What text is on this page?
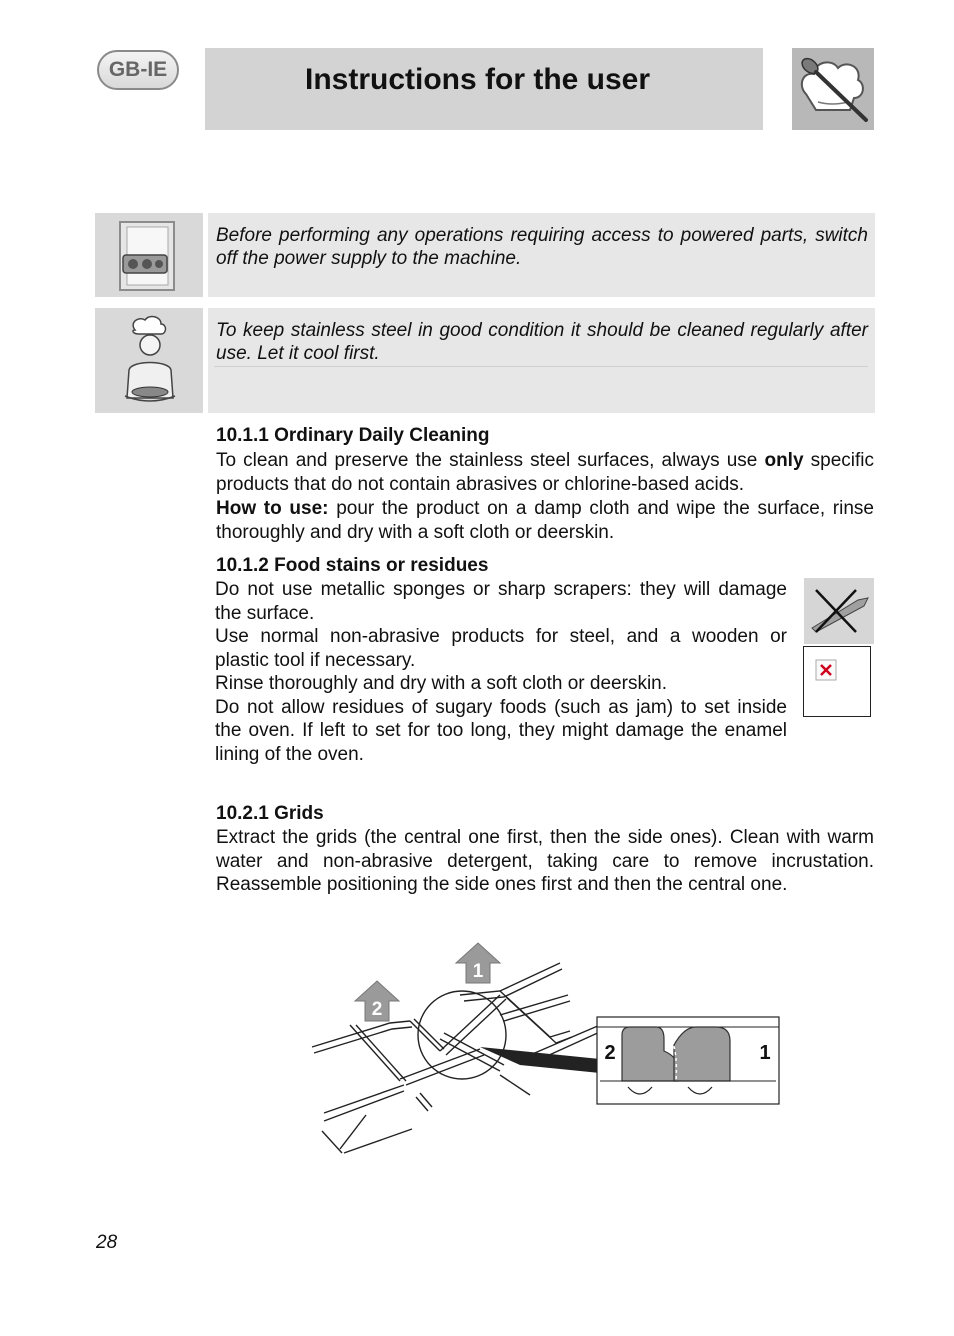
GB-IE	Instructions for the user
Before performing any operations requiring access to powered parts, switch off the power supply to the machine.
To keep stainless steel in good condition it should be cleaned regularly after use. Let it cool first.
10.1.1 Ordinary Daily Cleaning

To clean and preserve the stainless steel surfaces, always use only specific products that do not contain abrasives or chlorine-based acids.

How to use: pour the product on a damp cloth and wipe the surface, rinse thoroughly and dry with a soft cloth or deerskin.

10.1.2 Food stains or residues

Do not use metallic sponges or sharp scrapers: they will damage the surface.

Use normal non-abrasive products for steel, and a wooden or plastic tool if necessary.

Rinse thoroughly and dry with a soft cloth or deerskin.

Do not allow residues of sugary foods (such as jam) to set inside the oven. If left to set for too long, they might damage the enamel lining of the oven.

10.2.1 Grids
Extract the grids (the central one first, then the side ones). Clean with warm water and non-abrasive detergent, taking care to remove incrustation. Reassemble positioning the side ones first and then the central one.
1
2
2	1
28
